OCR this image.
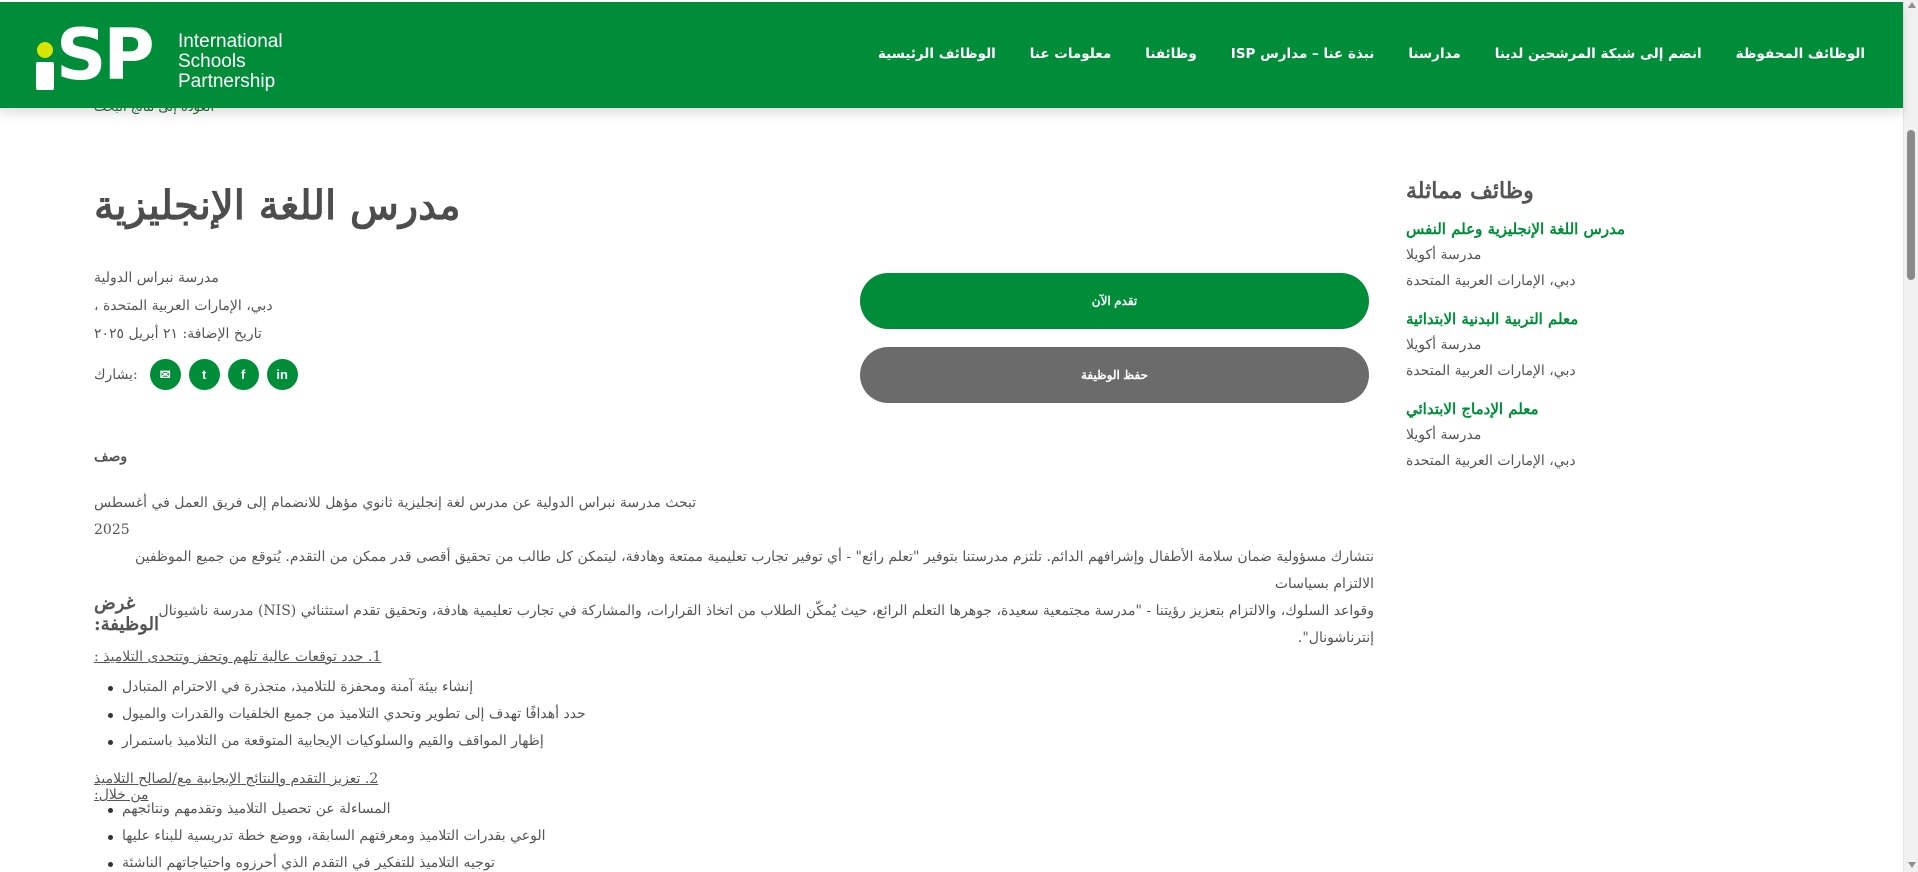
SP International
Schools
Partnership
الوظائف المحفوظة
انضم إلى شبكة المرشحين لدينا
مدارسنا
ISP نبذة عنا – مدارس
وظائفنا
معلومات عنا
الوظائف الرئيسية
مدرس اللغة الإنجليزية
مدرسة نبراس الدولية
دبي، الإمارات العربية المتحدة ،
تاريخ الإضافة: ٢١ أبريل ٢٠٢٥
يشارك:	✉	t	f	in
تقدم الآن
حفظ الوظيفة
وصف

تبحث مدرسة نبراس الدولية عن مدرس لغة إنجليزية ثانوي مؤهل للانضمام إلى فريق العمل في أغسطس 2025

نتشارك مسؤولية ضمان سلامة الأطفال وإشرافهم الدائم. تلتزم مدرستنا بتوفير "تعلم رائع" - أي توفير تجارب تعليمية ممتعة وهادفة، ليتمكن كل طالب من تحقيق أقصى قدر ممكن من التقدم. يُتوقع من جميع الموظفين الالتزام بسياسات

وقواعد السلوك، والالتزام بتعزيز رؤيتنا - "مدرسة مجتمعية سعيدة، جوهرها التعلم الرائع، حيث يُمكّن الطلاب من اتخاذ القرارات، والمشاركة في تجارب تعليمية هادفة، وتحقيق تقدم استثنائي (NIS) مدرسة ناشيونال إنترناشونال".

غرض الوظيفة:
1. حدد توقعات عالية تلهم وتحفز وتتحدى التلاميذ :
إنشاء بيئة آمنة ومحفزة للتلاميذ، متجذرة في الاحترام المتبادل
حدد أهدافًا تهدف إلى تطوير وتحدي التلاميذ من جميع الخلفيات والقدرات والميول
إظهار المواقف والقيم والسلوكيات الإيجابية المتوقعة من التلاميذ باستمرار
2. تعزيز التقدم والنتائج الإيجابية مع/لصالح التلاميذ من خلال:
المساءلة عن تحصيل التلاميذ وتقدمهم ونتائجهم
الوعي بقدرات التلاميذ ومعرفتهم السابقة، ووضع خطة تدريسية للبناء عليها
توجيه التلاميذ للتفكير في التقدم الذي أحرزوه واحتياجاتهم الناشئة
وظائف مماثلة
مدرس اللغة الإنجليزية وعلم النفس
مدرسة أكويلا
دبي، الإمارات العربية المتحدة
معلم التربية البدنية الابتدائية
مدرسة أكويلا
دبي، الإمارات العربية المتحدة
معلم الإدماج الابتدائي
مدرسة أكويلا
دبي، الإمارات العربية المتحدة
